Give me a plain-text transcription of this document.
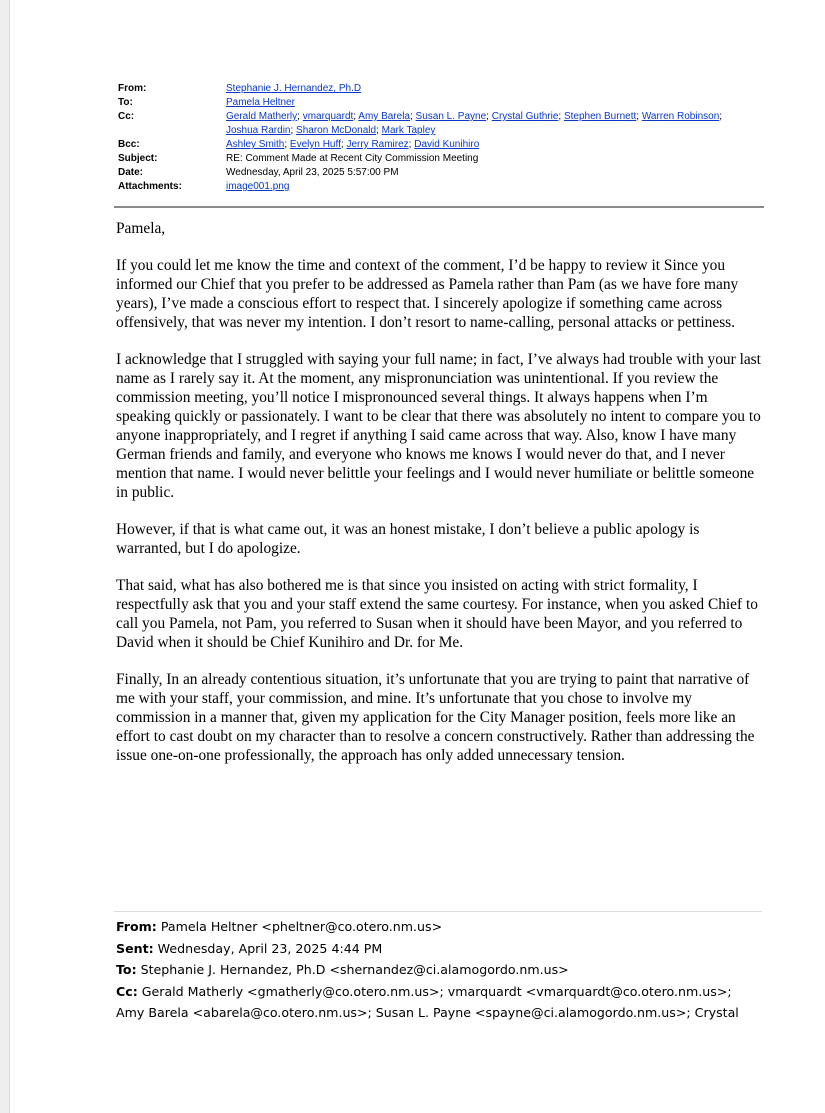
From:	Stephanie J. Hernandez, Ph.D
To:	Pamela Heltner
Cc:	Gerald Matherly; vmarquardt; Amy Barela; Susan L. Payne; Crystal Guthrie; Stephen Burnett; Warren Robinson;
Joshua Rardin; Sharon McDonald; Mark Tapley
Bcc:	Ashley Smith; Evelyn Huff; Jerry Ramirez; David Kunihiro
Subject:	RE: Comment Made at Recent City Commission Meeting
Date:	Wednesday, April 23, 2025 5:57:00 PM
Attachments:	image001.png

Pamela,

If you could let me know the time and context of the comment, I’d be happy to review it Since you informed our Chief that you prefer to be addressed as Pamela rather than Pam (as we have fore many years), I’ve made a conscious effort to respect that. I sincerely apologize if something came across offensively, that was never my intention. I don’t resort to name-calling, personal attacks or pettiness.

I acknowledge that I struggled with saying your full name; in fact, I’ve always had trouble with your last name as I rarely say it. At the moment, any mispronunciation was unintentional. If you review the commission meeting, you’ll notice I mispronounced several things. It always happens when I’m speaking quickly or passionately. I want to be clear that there was absolutely no intent to compare you to anyone inappropriately, and I regret if anything I said came across that way. Also, know I have many German friends and family, and everyone who knows me knows I would never do that, and I never mention that name. I would never belittle your feelings and I would never humiliate or belittle someone in public.

However, if that is what came out, it was an honest mistake, I don’t believe a public apology is warranted, but I do apologize.

That said, what has also bothered me is that since you insisted on acting with strict formality, I respectfully ask that you and your staff extend the same courtesy. For instance, when you asked Chief to call you Pamela, not Pam, you referred to Susan when it should have been Mayor, and you referred to David when it should be Chief Kunihiro and Dr. for Me.

Finally, In an already contentious situation, it’s unfortunate that you are trying to paint that narrative of me with your staff, your commission, and mine. It’s unfortunate that you chose to involve my commission in a manner that, given my application for the City Manager position, feels more like an effort to cast doubt on my character than to resolve a concern constructively. Rather than addressing the issue one-on-one professionally, the approach has only added unnecessary tension.

From: Pamela Heltner <pheltner@co.otero.nm.us>
Sent: Wednesday, April 23, 2025 4:44 PM
To: Stephanie J. Hernandez, Ph.D <shernandez@ci.alamogordo.nm.us>
Cc: Gerald Matherly <gmatherly@co.otero.nm.us>; vmarquardt <vmarquardt@co.otero.nm.us>;
Amy Barela <abarela@co.otero.nm.us>; Susan L. Payne <spayne@ci.alamogordo.nm.us>; Crystal
